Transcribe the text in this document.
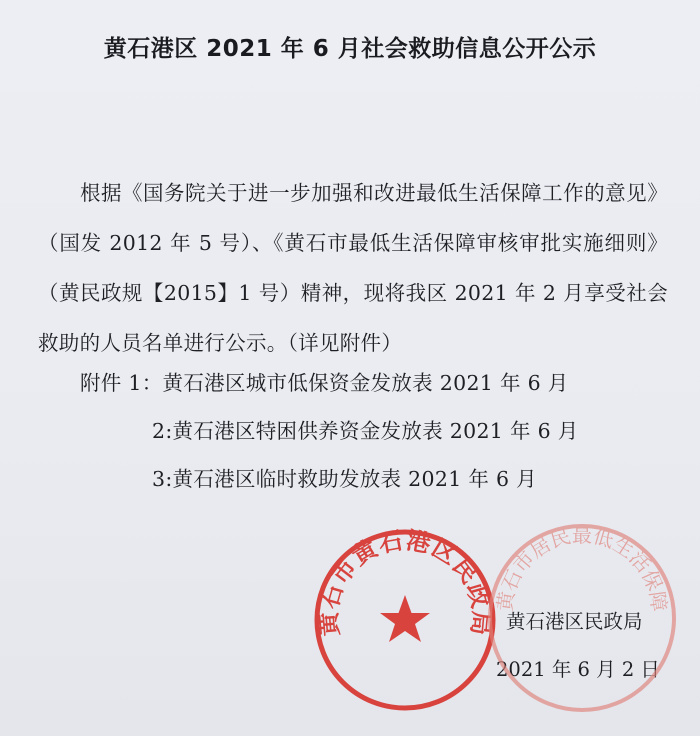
黄石港区 2021 年 6 月社会救助信息公开公示
根据《国务院关于进一步加强和改进最低生活保障工作的意见》（国发 2012 年 5 号）、《黄石市最低生活保障审核审批实施细则》（黄民政规【2015】1 号）精神，现将我区 2021 年 2 月享受社会救助的人员名单进行公示。（详见附件）
附件 1：黄石港区城市低保资金发放表 2021 年 6 月
2:黄石港区特困供养资金发放表 2021 年 6 月
3:黄石港区临时救助发放表 2021 年 6 月
黄石港区民政局
2021 年 6 月 2 日
黄石市黄石港区民政局
黄石市居民最低生活保障
